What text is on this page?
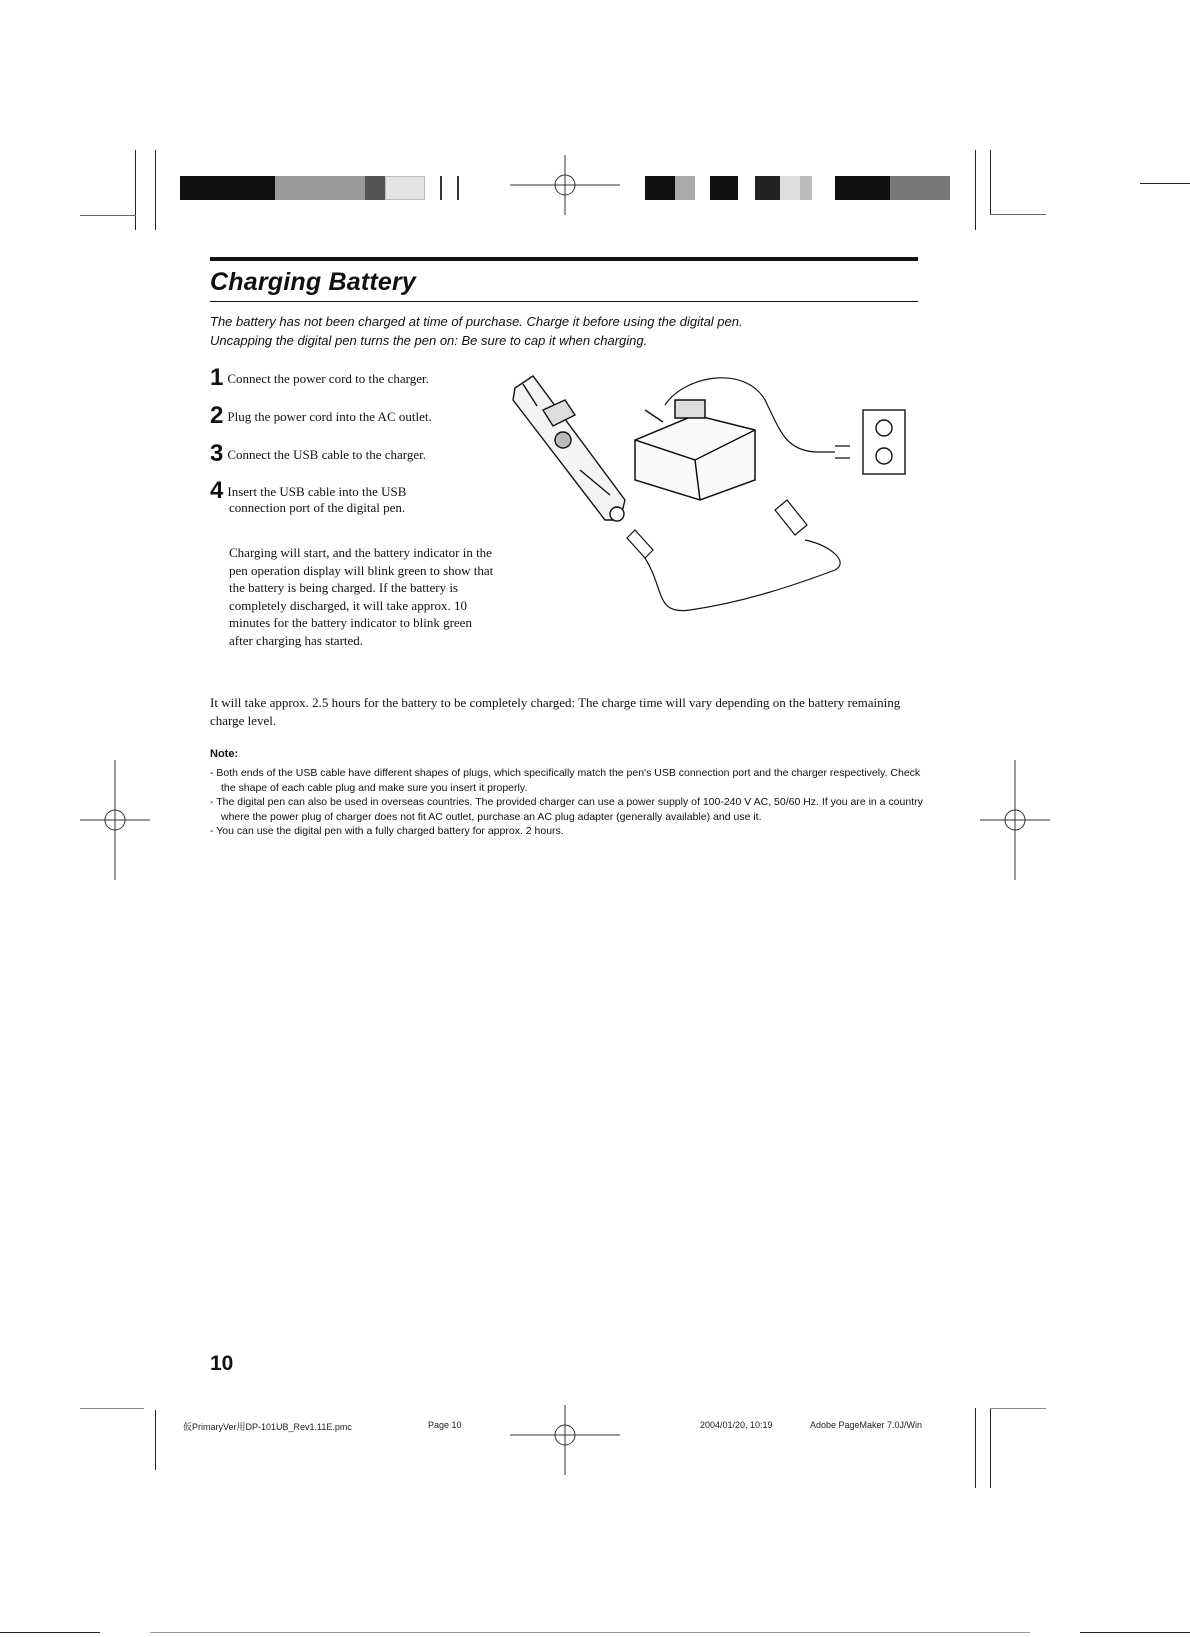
Charging Battery
The battery has not been charged at time of purchase. Charge it before using the digital pen.
Uncapping the digital pen turns the pen on: Be sure to cap it when charging.
1 Connect the power cord to the charger.
2 Plug the power cord into the AC outlet.
3 Connect the USB cable to the charger.
4 Insert the USB cable into the USB
connection port of the digital pen.
Charging will start, and the battery indicator in the pen operation display will blink green to show that the battery is being charged. If the battery is completely discharged, it will take approx. 10 minutes for the battery indicator to blink green after charging has started.
It will take approx. 2.5 hours for the battery to be completely charged: The charge time will vary depending on the battery remaining charge level.
Note:
- Both ends of the USB cable have different shapes of plugs, which specifically match the pen's USB connection port and the charger respectively. Check the shape of each cable plug and make sure you insert it properly.
- The digital pen can also be used in overseas countries. The provided charger can use a power supply of 100-240 V AC, 50/60 Hz. If you are in a country where the power plug of charger does not fit AC outlet, purchase an AC plug adapter (generally available) and use it.
- You can use the digital pen with a fully charged battery for approx. 2 hours.
10
仮PrimaryVer用DP-101UB_Rev1.11E.pmc	Page 10	2004/01/20, 10:19	Adobe PageMaker 7.0J/Win
